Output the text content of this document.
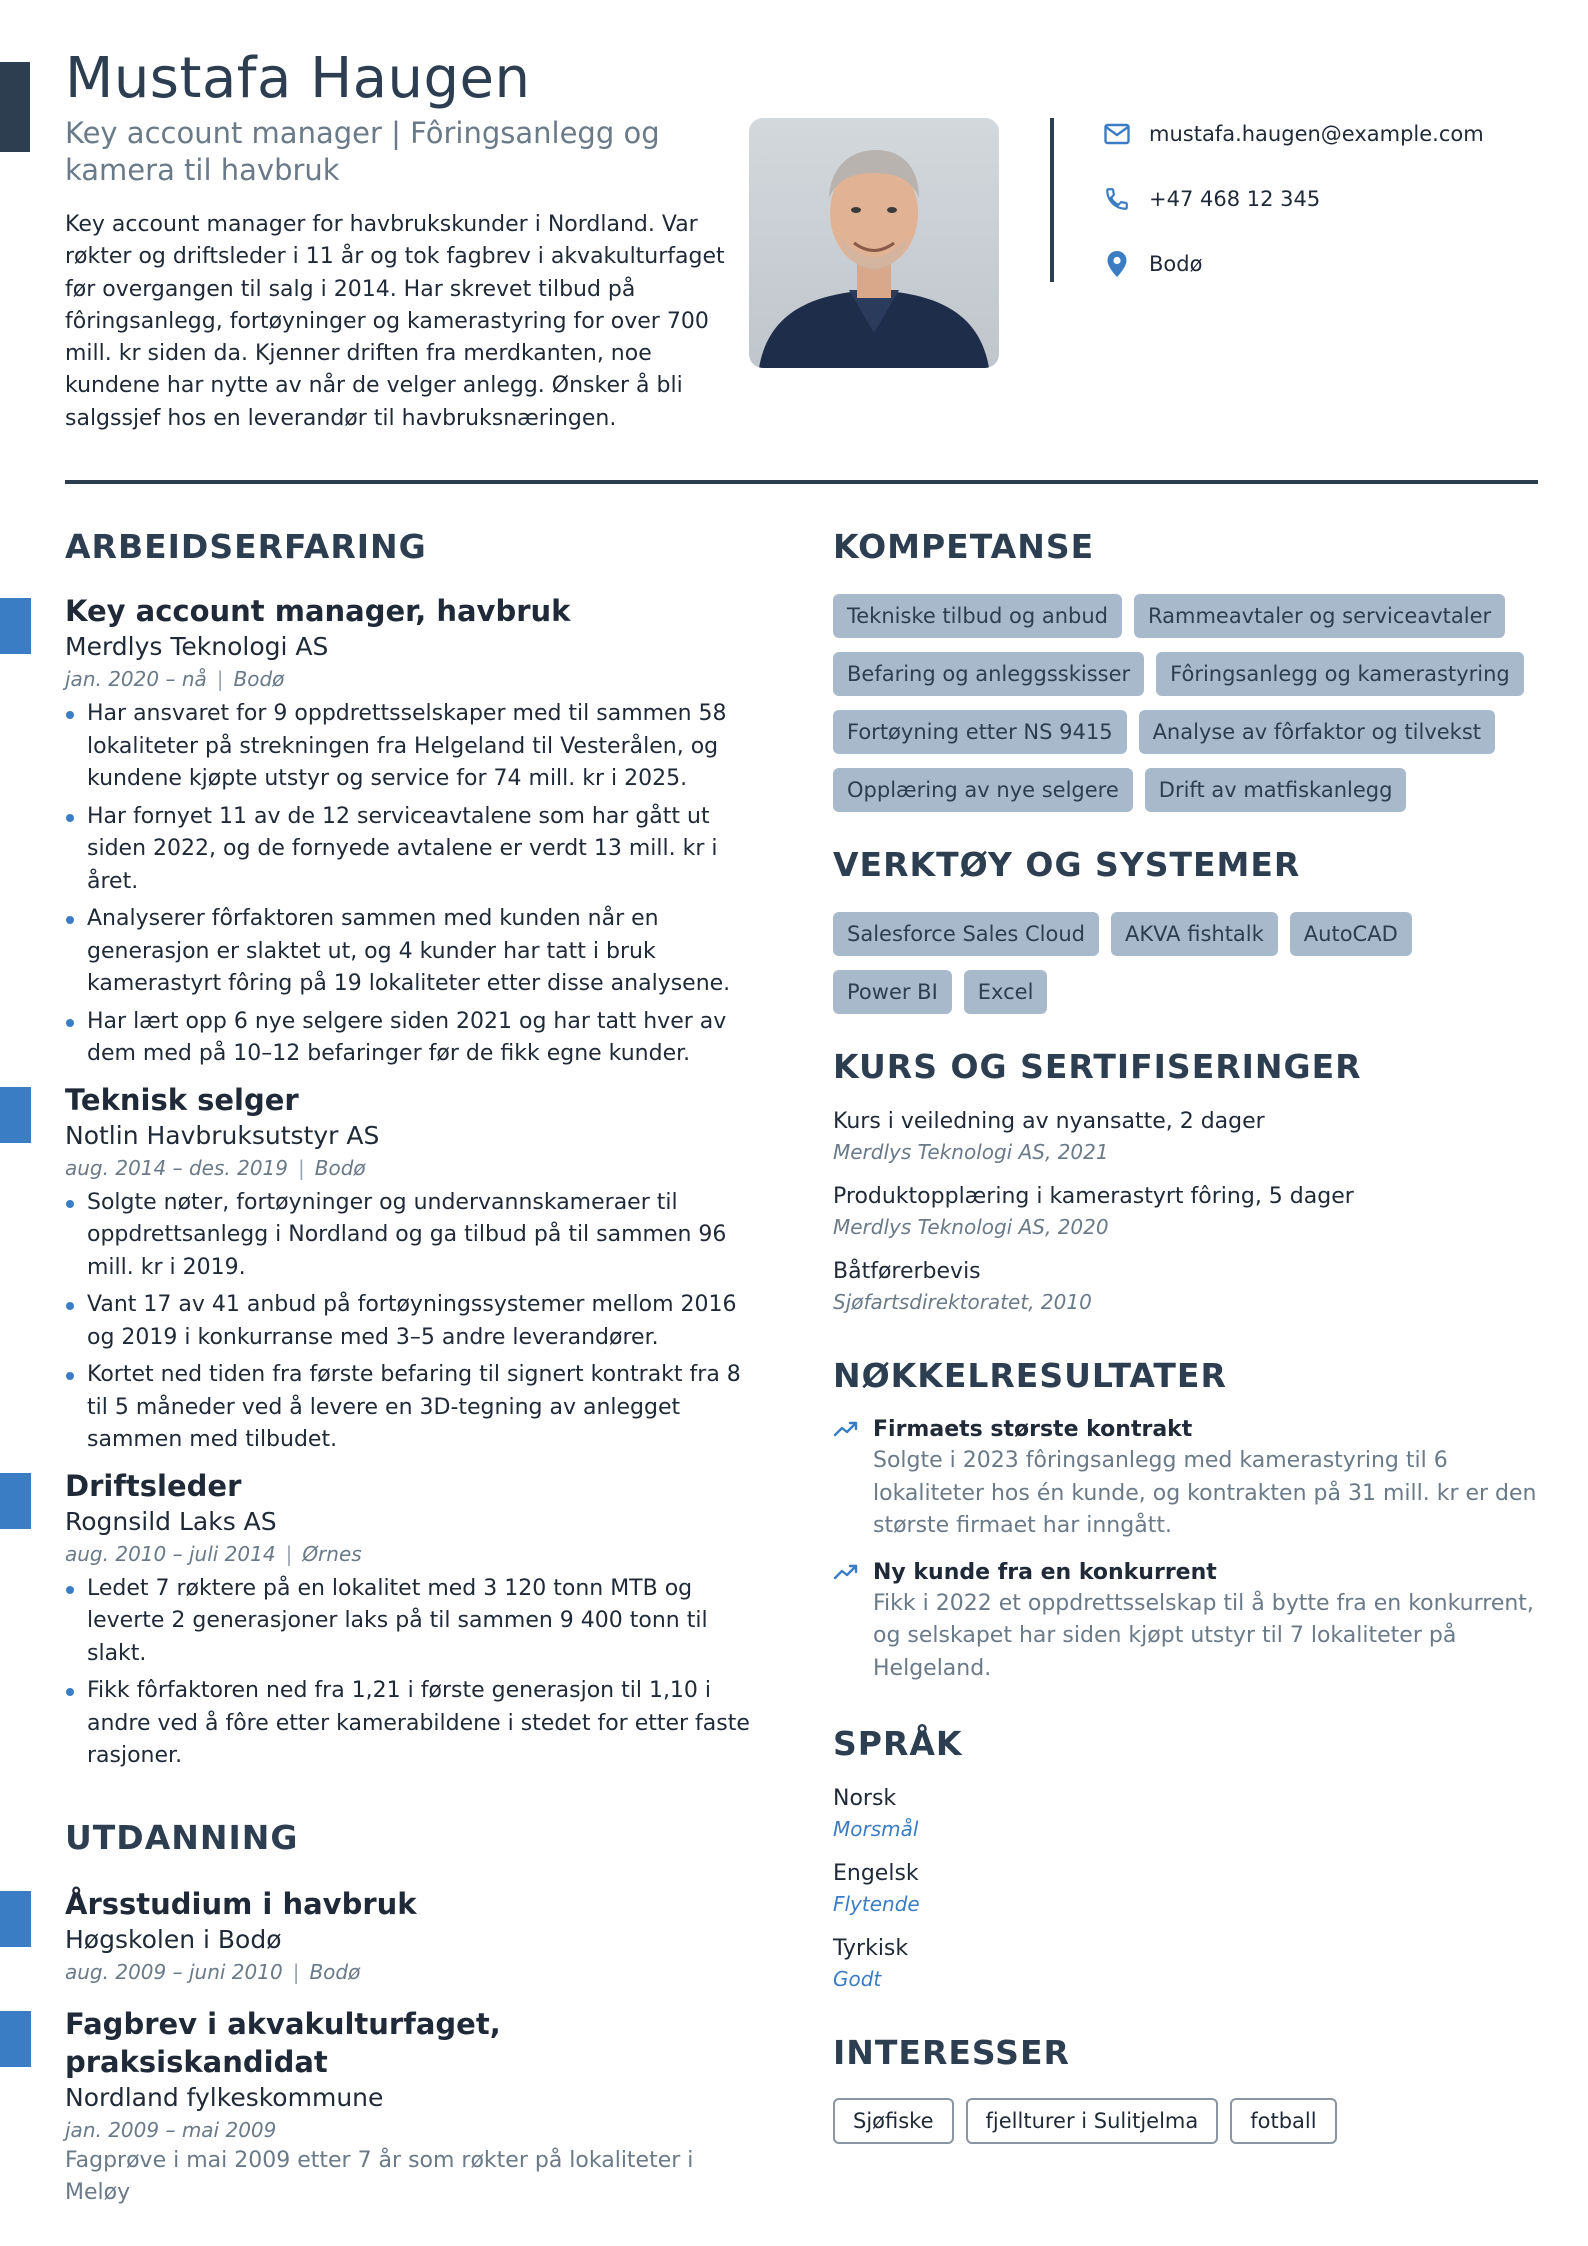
Mustafa Haugen
Key account manager | Fôringsanlegg og kamera til havbruk

Key account manager for havbrukskunder i Nordland. Var røkter og driftsleder i 11 år og tok fagbrev i akvakulturfaget før overgangen til salg i 2014. Har skrevet tilbud på fôringsanlegg, fortøyninger og kamerastyring for over 700 mill. kr siden da. Kjenner driften fra merdkanten, noe kundene har nytte av når de velger anlegg. Ønsker å bli salgssjef hos en leverandør til havbruksnæringen.

mustafa.haugen@example.com
+47 468 12 345
Bodø
ARBEIDSERFARING
Key account manager, havbruk
Merdlys Teknologi AS
jan. 2020 – nå | Bodø
Har ansvaret for 9 oppdrettsselskaper med til sammen 58 lokaliteter på strekningen fra Helgeland til Vesterålen, og kundene kjøpte utstyr og service for 74 mill. kr i 2025.
Har fornyet 11 av de 12 serviceavtalene som har gått ut siden 2022, og de fornyede avtalene er verdt 13 mill. kr i året.
Analyserer fôrfaktoren sammen med kunden når en generasjon er slaktet ut, og 4 kunder har tatt i bruk kamerastyrt fôring på 19 lokaliteter etter disse analysene.
Har lært opp 6 nye selgere siden 2021 og har tatt hver av dem med på 10–12 befaringer før de fikk egne kunder.
Teknisk selger
Notlin Havbruksutstyr AS
aug. 2014 – des. 2019 | Bodø
Solgte nøter, fortøyninger og undervannskameraer til oppdrettsanlegg i Nordland og ga tilbud på til sammen 96 mill. kr i 2019.
Vant 17 av 41 anbud på fortøyningssystemer mellom 2016 og 2019 i konkurranse med 3–5 andre leverandører.
Kortet ned tiden fra første befaring til signert kontrakt fra 8 til 5 måneder ved å levere en 3D-tegning av anlegget sammen med tilbudet.
Driftsleder
Rognsild Laks AS
aug. 2010 – juli 2014 | Ørnes
Ledet 7 røktere på en lokalitet med 3 120 tonn MTB og leverte 2 generasjoner laks på til sammen 9 400 tonn til slakt.
Fikk fôrfaktoren ned fra 1,21 i første generasjon til 1,10 i andre ved å fôre etter kamerabildene i stedet for etter faste rasjoner.
UTDANNING
Årsstudium i havbruk
Høgskolen i Bodø
aug. 2009 – juni 2010 | Bodø
Fagbrev i akvakulturfaget, praksiskandidat
Nordland fylkeskommune
jan. 2009 – mai 2009
Fagprøve i mai 2009 etter 7 år som røkter på lokaliteter i Meløy
KOMPETANSE
Tekniske tilbud og anbud	Rammeavtaler og serviceavtaler
Befaring og anleggsskisser	Fôringsanlegg og kamerastyring
Fortøyning etter NS 9415	Analyse av fôrfaktor og tilvekst
Opplæring av nye selgere	Drift av matfiskanlegg
VERKTØY OG SYSTEMER
Salesforce Sales Cloud	AKVA fishtalk	AutoCAD
Power BI	Excel
KURS OG SERTIFISERINGER
Kurs i veiledning av nyansatte, 2 dager
Merdlys Teknologi AS, 2021
Produktopplæring i kamerastyrt fôring, 5 dager
Merdlys Teknologi AS, 2020
Båtførerbevis
Sjøfartsdirektoratet, 2010
NØKKELRESULTATER
Firmaets største kontrakt
Solgte i 2023 fôringsanlegg med kamerastyring til 6 lokaliteter hos én kunde, og kontrakten på 31 mill. kr er den største firmaet har inngått.
Ny kunde fra en konkurrent
Fikk i 2022 et oppdrettsselskap til å bytte fra en konkurrent, og selskapet har siden kjøpt utstyr til 7 lokaliteter på Helgeland.
SPRÅK
Norsk
Morsmål
Engelsk
Flytende
Tyrkisk
Godt
INTERESSER
Sjøfiske	fjellturer i Sulitjelma	fotball
